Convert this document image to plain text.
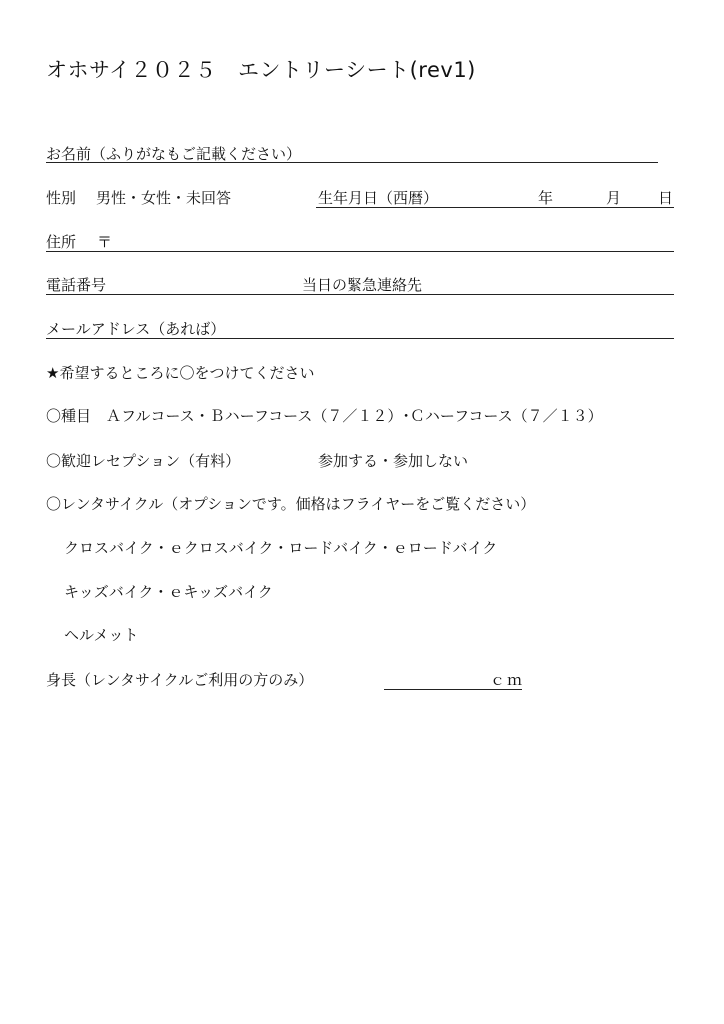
オホサイ２０２５　エントリーシート(rev1)
お名前（ふりがなもご記載ください）
性別 男性・女性・未回答	生年月日（西暦）	年	月 日
住所 〒
電話番号	当日の緊急連絡先
メールアドレス（あれば）
★希望するところに〇をつけてください
〇種目　Ａフルコース・Ｂハーフコース（７／１２）･Ｃハーフコース（７／１３）
〇歓迎レセプション（有料）	参加する・参加しない
〇レンタサイクル（オプションです。価格はフライヤーをご覧ください）
クロスバイク・ｅクロスバイク・ロードバイク・ｅロードバイク
キッズバイク・ｅキッズバイク
ヘルメット
身長（レンタサイクルご利用の方のみ）	ｃｍ
